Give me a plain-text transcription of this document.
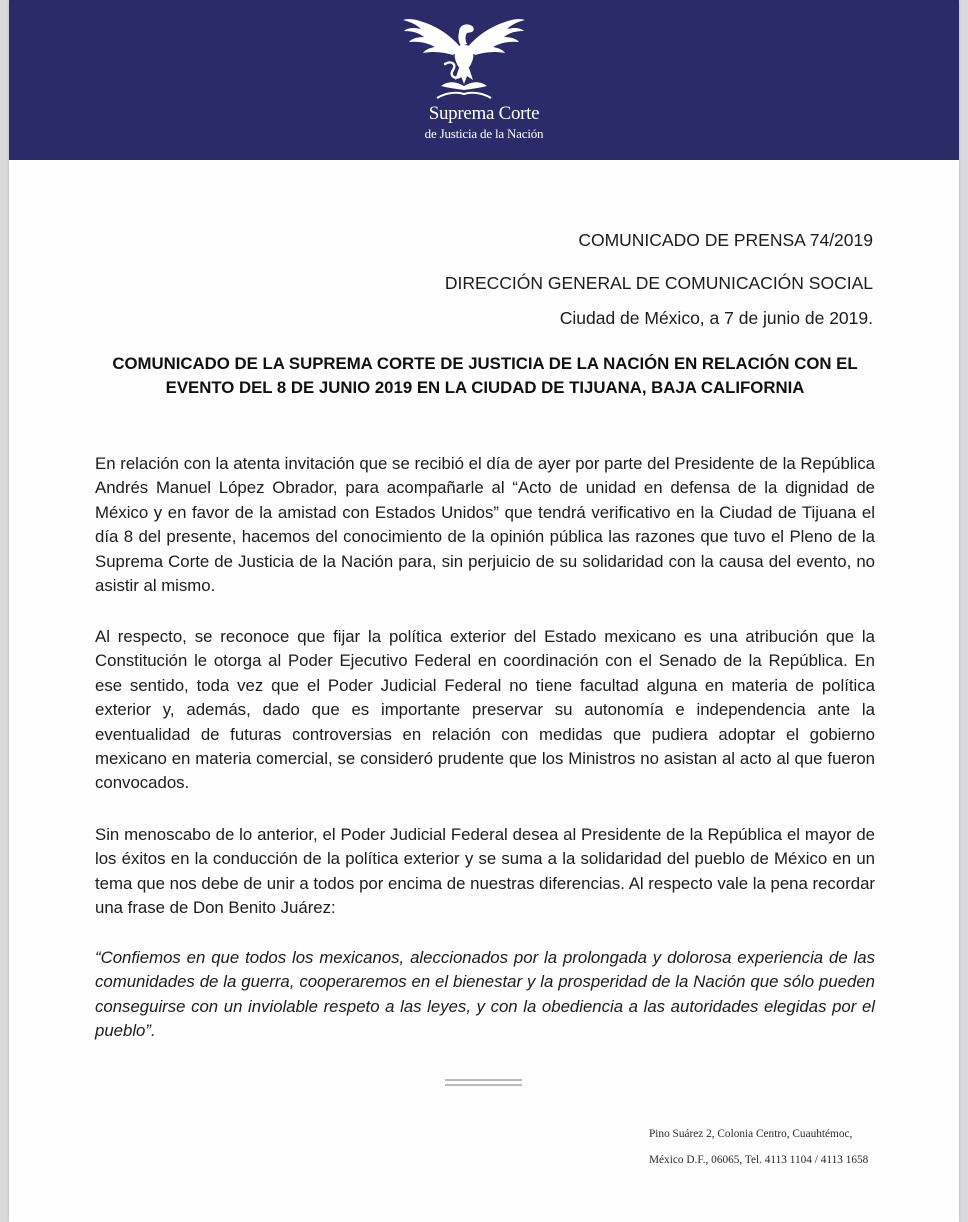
Suprema Corte
de Justicia de la Nación
COMUNICADO DE PRENSA 74/2019
DIRECCIÓN GENERAL DE COMUNICACIÓN SOCIAL
Ciudad de México, a 7 de junio de 2019.
COMUNICADO DE LA SUPREMA CORTE DE JUSTICIA DE LA NACIÓN EN RELACIÓN CON EL EVENTO DEL 8 DE JUNIO 2019 EN LA CIUDAD DE TIJUANA, BAJA CALIFORNIA

En relación con la atenta invitación que se recibió el día de ayer por parte del Presidente de la República Andrés Manuel López Obrador, para acompañarle al “Acto de unidad en defensa de la dignidad de México y en favor de la amistad con Estados Unidos” que tendrá verificativo en la Ciudad de Tijuana el día 8 del presente, hacemos del conocimiento de la opinión pública las razones que tuvo el Pleno de la Suprema Corte de Justicia de la Nación para, sin perjuicio de su solidaridad con la causa del evento, no asistir al mismo.

Al respecto, se reconoce que fijar la política exterior del Estado mexicano es una atribución que la Constitución le otorga al Poder Ejecutivo Federal en coordinación con el Senado de la República. En ese sentido, toda vez que el Poder Judicial Federal no tiene facultad alguna en materia de política exterior y, además, dado que es importante preservar su autonomía e independencia ante la eventualidad de futuras controversias en relación con medidas que pudiera adoptar el gobierno mexicano en materia comercial, se consideró prudente que los Ministros no asistan al acto al que fueron convocados.

Sin menoscabo de lo anterior, el Poder Judicial Federal desea al Presidente de la República el mayor de los éxitos en la conducción de la política exterior y se suma a la solidaridad del pueblo de México en un tema que nos debe de unir a todos por encima de nuestras diferencias. Al respecto vale la pena recordar una frase de Don Benito Juárez:

“Confiemos en que todos los mexicanos, aleccionados por la prolongada y dolorosa experiencia de las comunidades de la guerra, cooperaremos en el bienestar y la prosperidad de la Nación que sólo pueden conseguirse con un inviolable respeto a las leyes, y con la obediencia a las autoridades elegidas por el pueblo”.

Pino Suárez 2, Colonia Centro, Cuauhtémoc,
México D.F., 06065, Tel. 4113 1104 / 4113 1658
